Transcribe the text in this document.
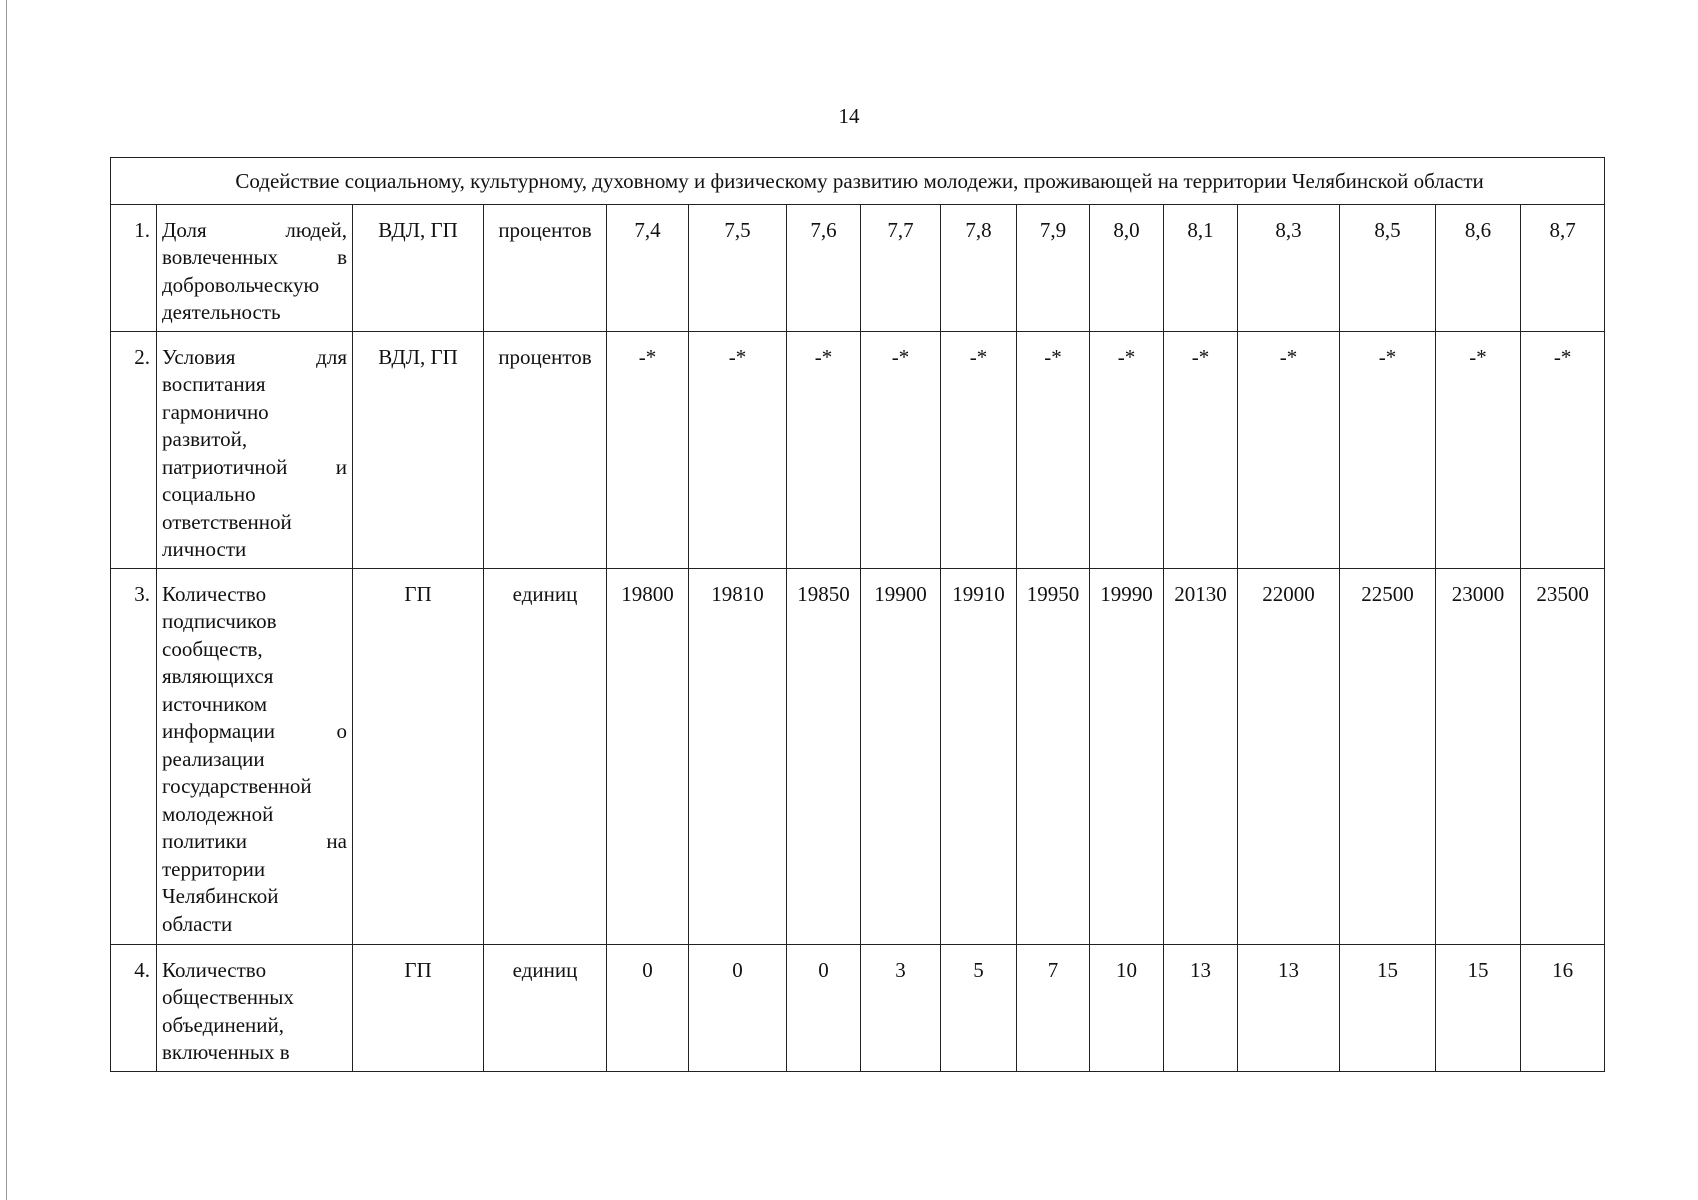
14
Содействие социальному, культурному, духовному и физическому развитию молодежи, проживающей на территории Челябинской области															
1.	Доля людей, вовлеченных в добровольческую деятельность	ВДЛ, ГП	процентов	7,4	7,5	7,6	7,7	7,8	7,9	8,0	8,1	8,3	8,5	8,6	8,7
2.	Условия для воспитания гармонично развитой, патриотичной и социально ответственной личности	ВДЛ, ГП	процентов	-*	-*	-*	-*	-*	-*	-*	-*	-*	-*	-*	-*
3.	Количество подписчиков сообществ, являющихся источником информации о реализации государственной молодежной политики на территории Челябинской области	ГП	единиц	19800	19810	19850	19900	19910	19950	19990	20130	22000	22500	23000	23500
4.	Количество общественных объединений, включенных в	ГП	единиц	0	0	0	3	5	7	10	13	13	15	15	16
